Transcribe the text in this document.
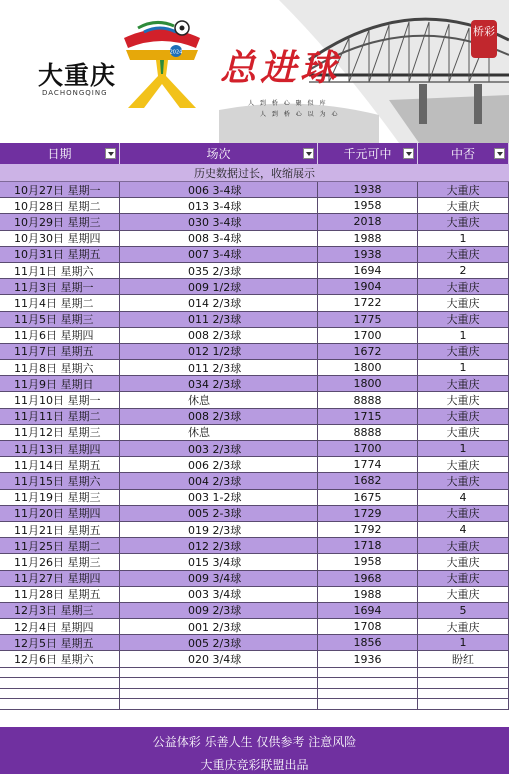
大重庆
DACHONGQING
2024 总进球
人 到 桥 心 聚 似 库
人 到 桥 心 以 为 心
桥彩
日期	场次	千元可中	中否
历史数据过长，收缩展示
10月27日 星期一	006 3-4球	1938	大重庆
10月28日 星期二	013 3-4球	1958	大重庆
10月29日 星期三	030 3-4球	2018	大重庆
10月30日 星期四	008 3-4球	1988	1
10月31日 星期五	007 3-4球	1938	大重庆
11月1日 星期六	035 2/3球	1694	2
11月3日 星期一	009 1/2球	1904	大重庆
11月4日 星期二	014 2/3球	1722	大重庆
11月5日 星期三	011 2/3球	1775	大重庆
11月6日 星期四	008 2/3球	1700	1
11月7日 星期五	012 1/2球	1672	大重庆
11月8日 星期六	011 2/3球	1800	1
11月9日 星期日	034 2/3球	1800	大重庆
11月10日 星期一	休息	8888	大重庆
11月11日 星期二	008 2/3球	1715	大重庆
11月12日 星期三	休息	8888	大重庆
11月13日 星期四	003 2/3球	1700	1
11月14日 星期五	006 2/3球	1774	大重庆
11月15日 星期六	004 2/3球	1682	大重庆
11月19日 星期三	003 1-2球	1675	4
11月20日 星期四	005 2-3球	1729	大重庆
11月21日 星期五	019 2/3球	1792	4
11月25日 星期二	012 2/3球	1718	大重庆
11月26日 星期三	015 3/4球	1958	大重庆
11月27日 星期四	009 3/4球	1968	大重庆
11月28日 星期五	003 3/4球	1988	大重庆
12月3日 星期三	009 2/3球	1694	5
12月4日 星期四	001 2/3球	1708	大重庆
12月5日 星期五	005 2/3球	1856	1
12月6日 星期六	020 3/4球	1936	盼红
公益体彩 乐善人生 仅供参考 注意风险
大重庆竞彩联盟出品
